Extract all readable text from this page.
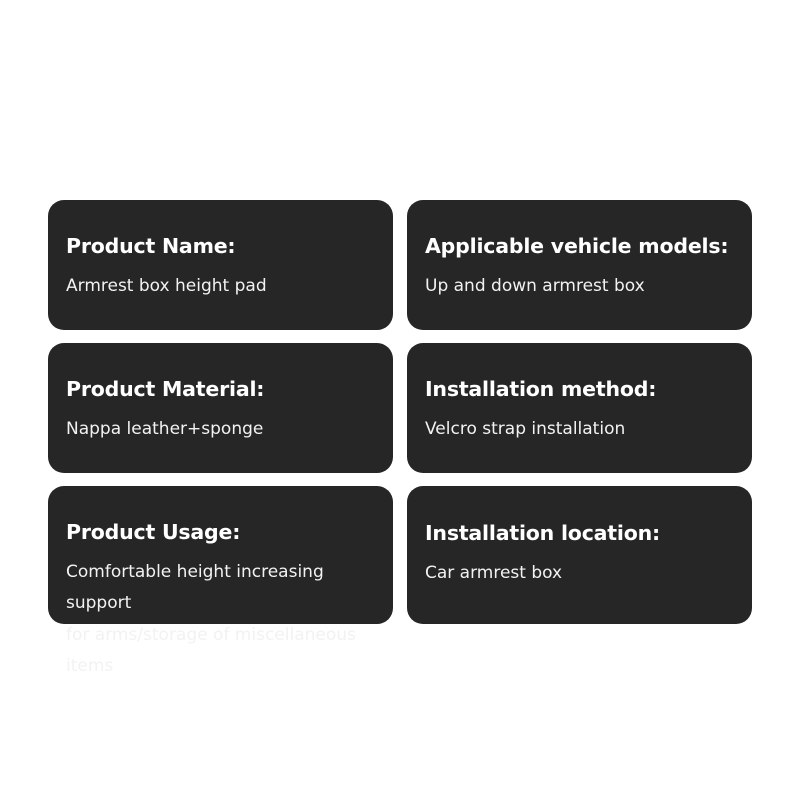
Product Name:
Armrest box height pad
Applicable vehicle models:
Up and down armrest box
Product Material:
Nappa leather+sponge
Installation method:
Velcro strap installation
Product Usage:
Comfortable height increasing support
for arms/storage of miscellaneous items
Installation location:
Car armrest box
